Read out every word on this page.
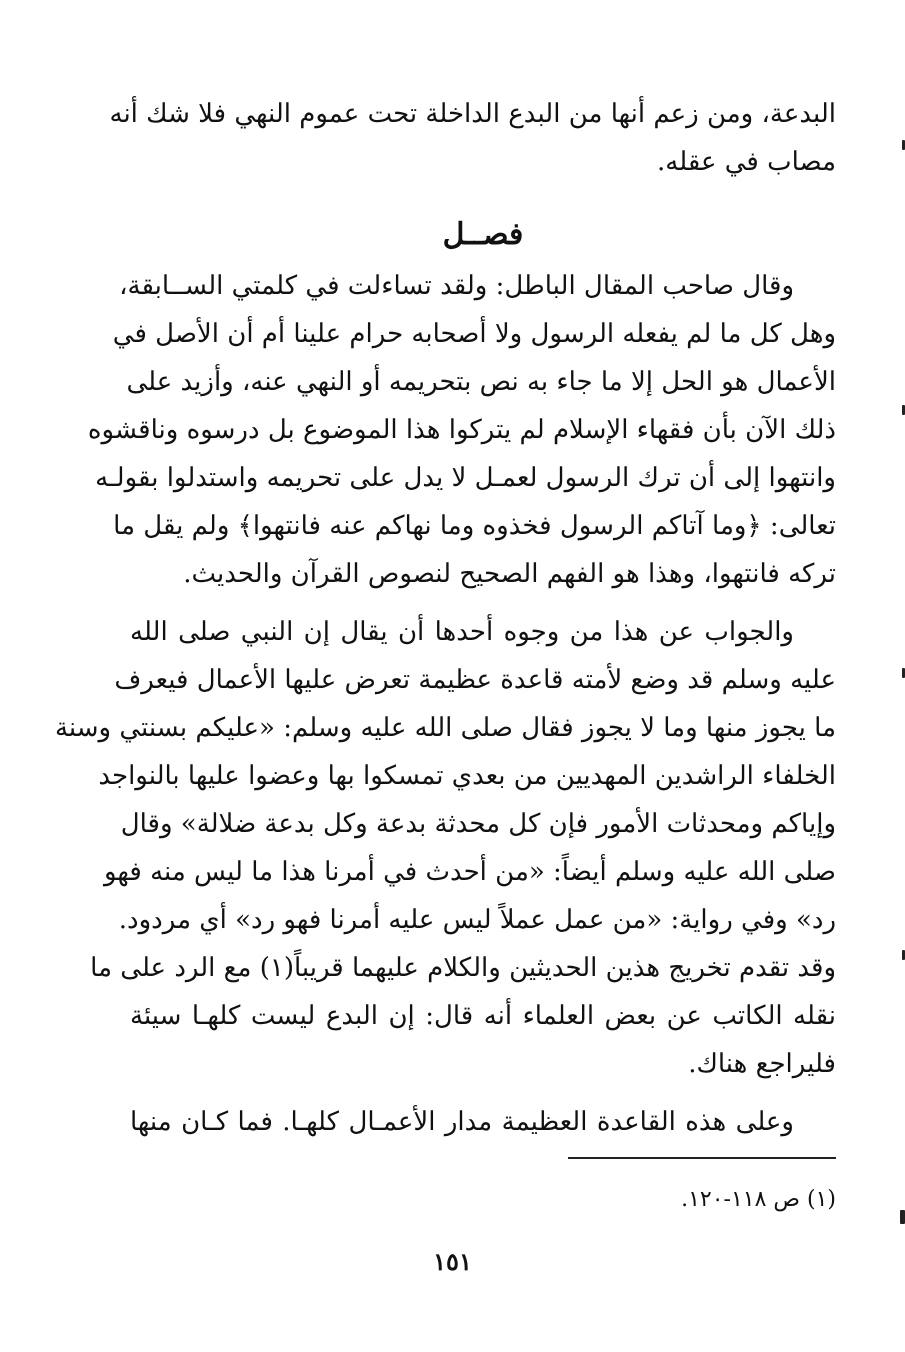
البدعة، ومن زعم أنها من البدع الداخلة تحت عموم النهي فلا شك أنه
مصاب في عقله.
فصــل
وقال صاحب المقال الباطل: ولقد تساءلت في كلمتي الســابقة،
وهل كل ما لم يفعله الرسول ولا أصحابه حرام علينا أم أن الأصل في
الأعمال هو الحل إلا ما جاء به نص بتحريمه أو النهي عنه، وأزيد على
ذلك الآن بأن فقهاء الإسلام لم يتركوا هذا الموضوع بل درسوه وناقشوه
وانتهوا إلى أن ترك الرسول لعمـل لا يدل على تحريمه واستدلوا بقولـه
تعالى: ﴿وما آتاكم الرسول فخذوه وما نهاكم عنه فانتهوا﴾ ولم يقل ما
تركه فانتهوا، وهذا هو الفهم الصحيح لنصوص القرآن والحديث.
والجواب عن هذا من وجوه أحدها أن يقال إن النبي صلى الله
عليه وسلم قد وضع لأمته قاعدة عظيمة تعرض عليها الأعمال فيعرف
ما يجوز منها وما لا يجوز فقال صلى الله عليه وسلم: «عليكم بسنتي وسنة
الخلفاء الراشدين المهديين من بعدي تمسكوا بها وعضوا عليها بالنواجد
وإياكم ومحدثات الأمور فإن كل محدثة بدعة وكل بدعة ضلالة» وقال
صلى الله عليه وسلم أيضاً: «من أحدث في أمرنا هذا ما ليس منه فهو
رد» وفي رواية: «من عمل عملاً ليس عليه أمرنا فهو رد» أي مردود.
وقد تقدم تخريج هذين الحديثين والكلام عليهما قريباً(١) مع الرد على ما
نقله الكاتب عن بعض العلماء أنه قال: إن البدع ليست كلهـا سيئة
فليراجع هناك.
وعلى هذه القاعدة العظيمة مدار الأعمـال كلهـا. فما كـان منها
(١) ص ١١٨-١٢٠.
١٥١
